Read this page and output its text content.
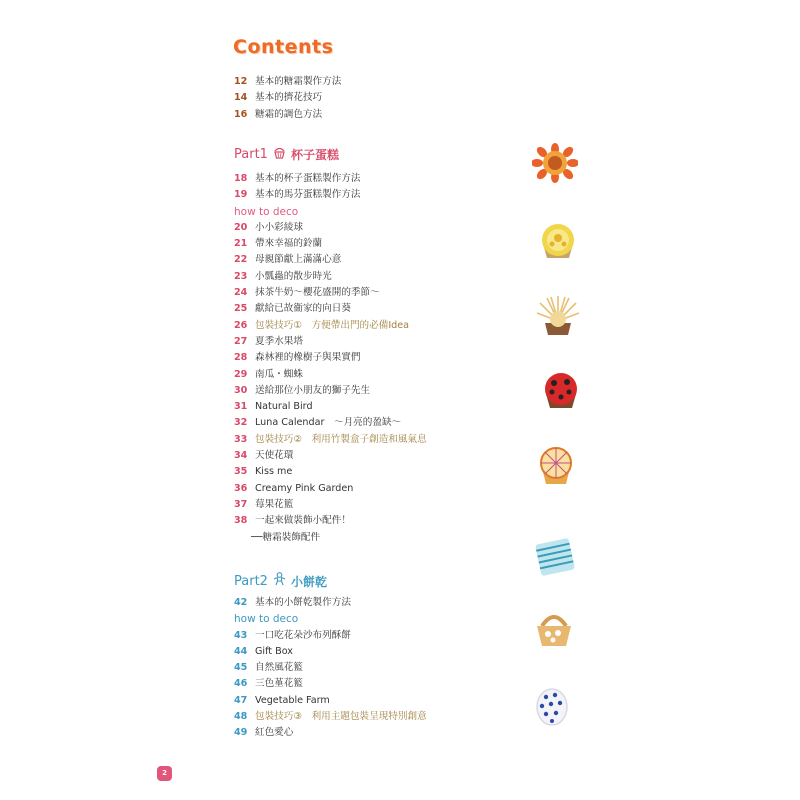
Contents
12 基本的糖霜製作方法
14 基本的擠花技巧
16 糖霜的調色方法
Part1 杯子蛋糕
18 基本的杯子蛋糕製作方法
19 基本的馬芬蛋糕製作方法
how to deco
20 小小彩綾球
21 帶來幸福的鈴蘭
22 母親節獻上滿滿心意
23 小瓢蟲的散步時光
24 抹茶牛奶～櫻花盛開的季節～
25 獻給已故衞家的向日葵
26 包裝技巧①　方便帶出門的必備Idea
27 夏季水果塔
28 森林裡的橡樹子與果實們
29 南瓜・蜘蛛
30 送給那位小朋友的獅子先生
31 Natural Bird
32 Luna Calendar　～月亮的盈缺～
33 包裝技巧②　利用竹製盒子創造和風氣息
34 天使花環
35 Kiss me
36 Creamy Pink Garden
37 莓果花籃
38 一起來做裝飾小配件！
──糖霜裝飾配件
Part2 小餅乾
42 基本的小餅乾製作方法
how to deco
43 一口吃花朵沙布列酥餅
44 Gift Box
45 自然風花籃
46 三色堇花籃
47 Vegetable Farm
48 包裝技巧③　利用主題包裝呈現特別創意
49 紅色愛心
2
